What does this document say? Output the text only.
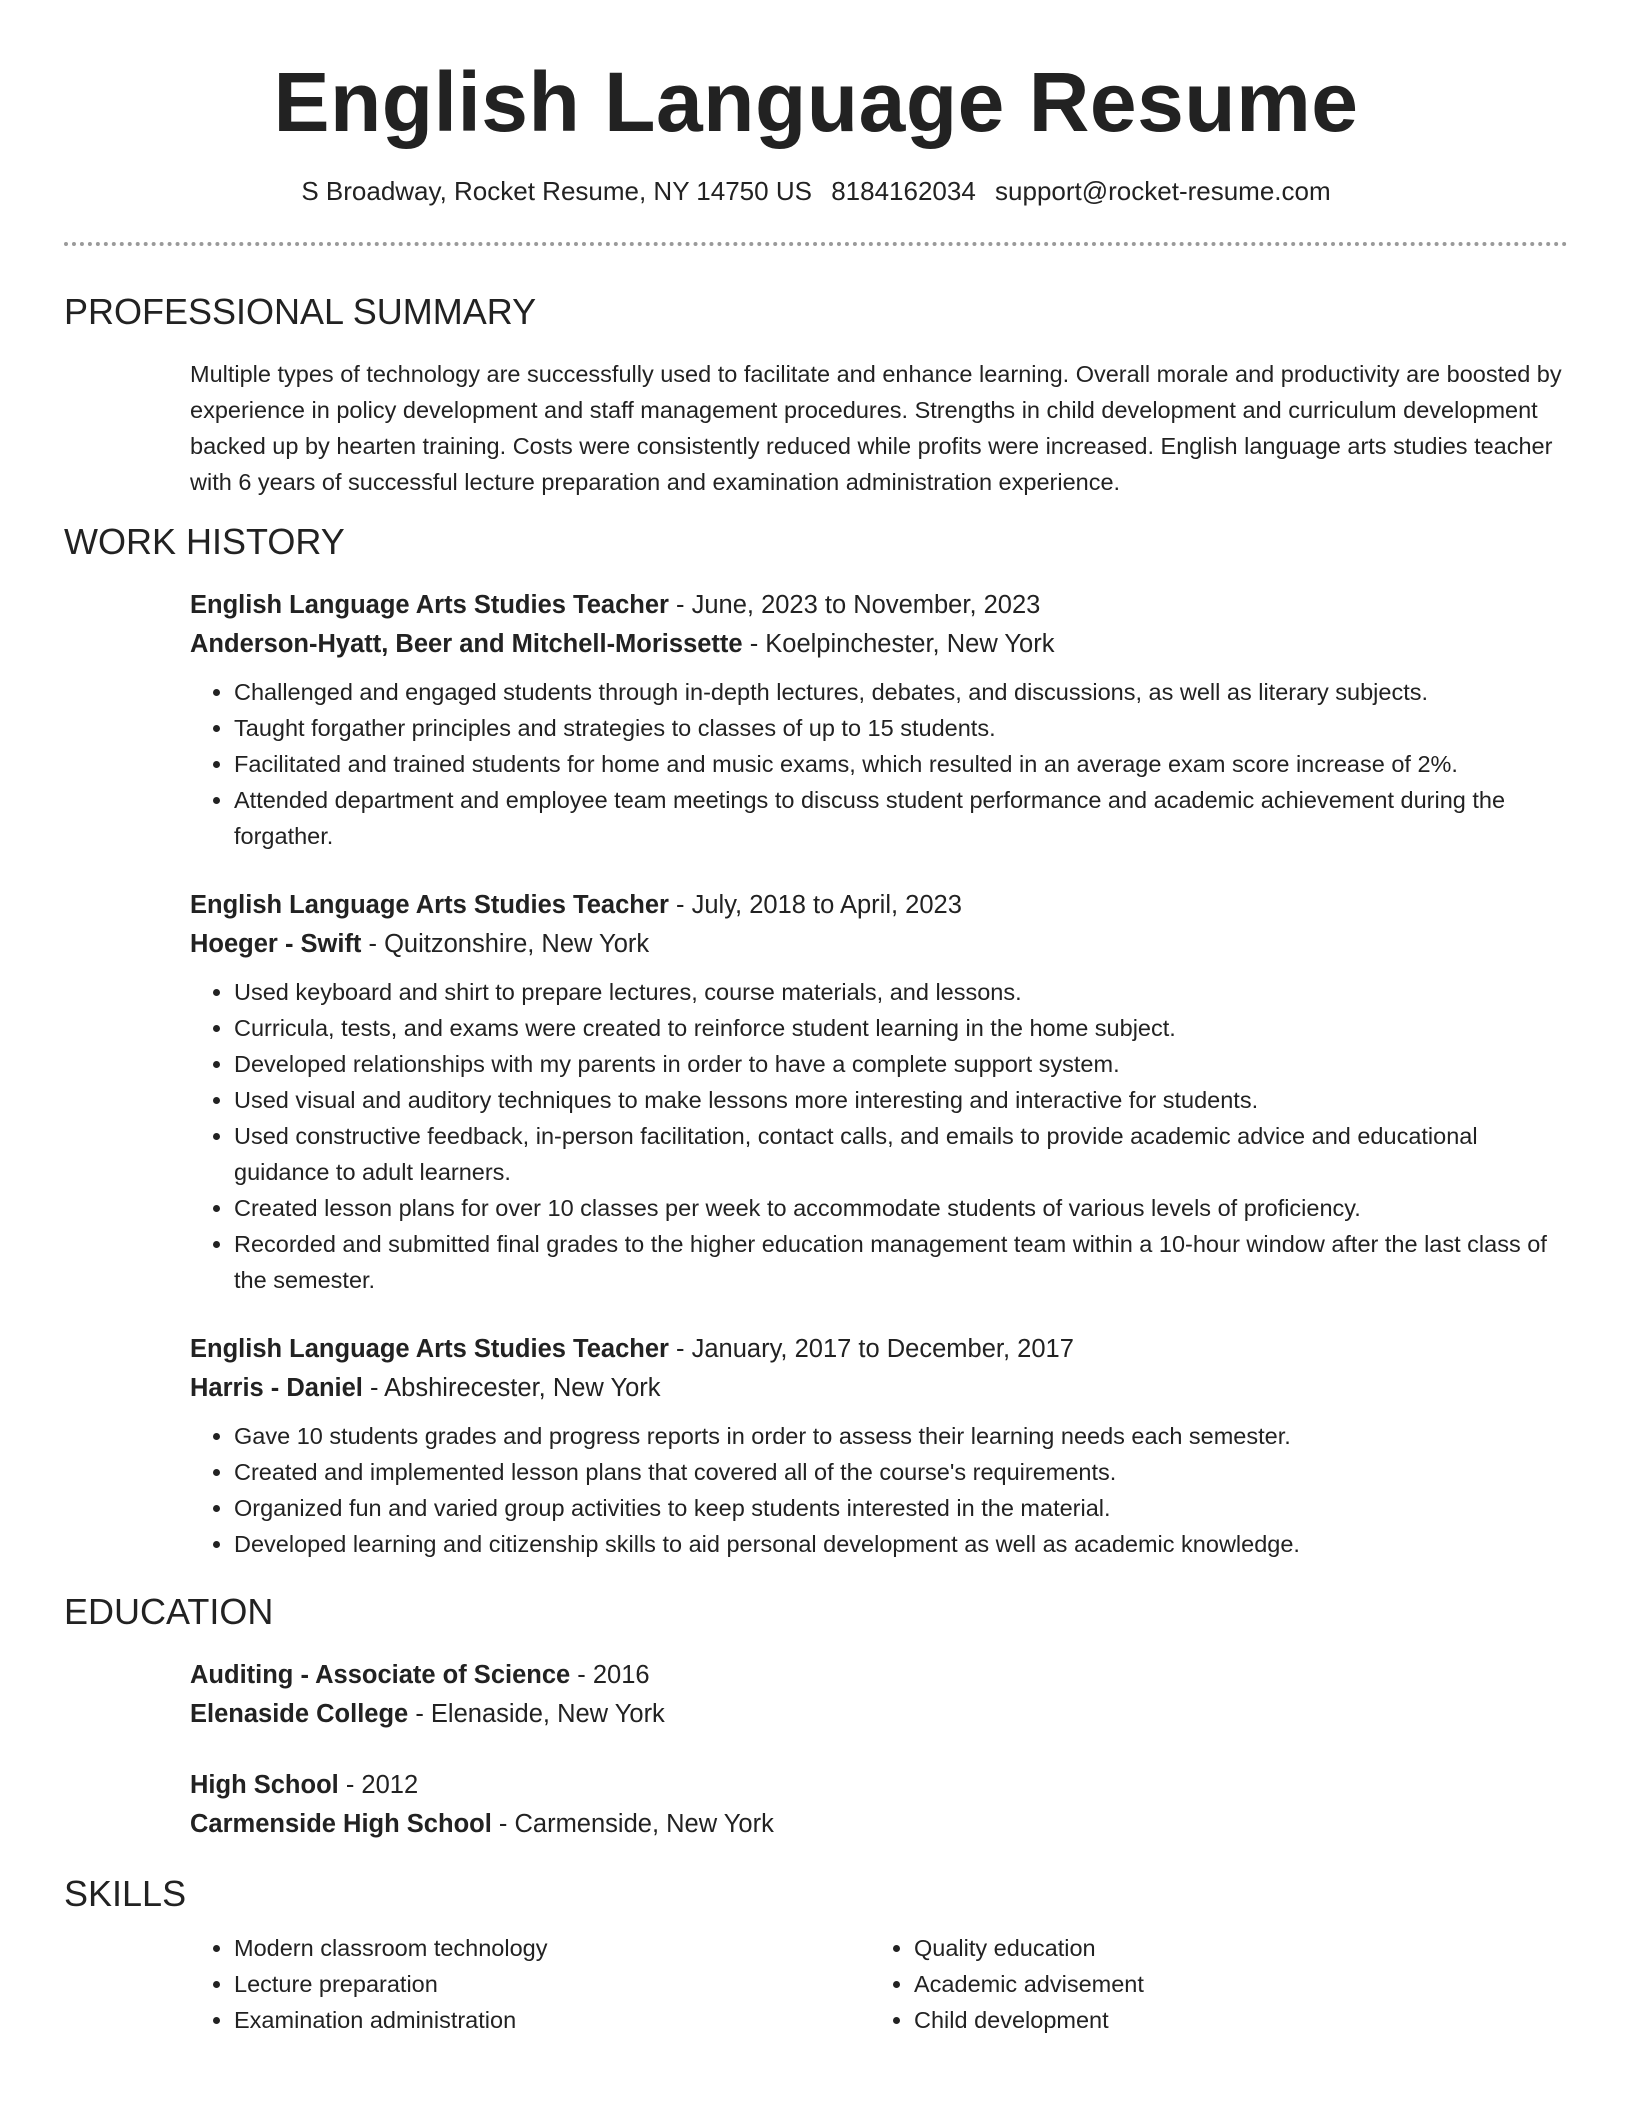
English Language Resume
S Broadway, Rocket Resume, NY 14750 US 8184162034 support@rocket-resume.com
PROFESSIONAL SUMMARY

Multiple types of technology are successfully used to facilitate and enhance learning. Overall morale and productivity are boosted by experience in policy development and staff management procedures. Strengths in child development and curriculum development backed up by hearten training. Costs were consistently reduced while profits were increased. English language arts studies teacher with 6 years of successful lecture preparation and examination administration experience.

WORK HISTORY
English Language Arts Studies Teacher - June, 2023 to November, 2023
Anderson-Hyatt, Beer and Mitchell-Morissette - Koelpinchester, New York
• Challenged and engaged students through in-depth lectures, debates, and discussions, as well as literary subjects.
• Taught forgather principles and strategies to classes of up to 15 students.
• Facilitated and trained students for home and music exams, which resulted in an average exam score increase of 2%.
• Attended department and employee team meetings to discuss student performance and academic achievement during the forgather.
English Language Arts Studies Teacher - July, 2018 to April, 2023
Hoeger - Swift - Quitzonshire, New York
• Used keyboard and shirt to prepare lectures, course materials, and lessons.
• Curricula, tests, and exams were created to reinforce student learning in the home subject.
• Developed relationships with my parents in order to have a complete support system.
• Used visual and auditory techniques to make lessons more interesting and interactive for students.
• Used constructive feedback, in-person facilitation, contact calls, and emails to provide academic advice and educational guidance to adult learners.
• Created lesson plans for over 10 classes per week to accommodate students of various levels of proficiency.
• Recorded and submitted final grades to the higher education management team within a 10-hour window after the last class of the semester.
English Language Arts Studies Teacher - January, 2017 to December, 2017
Harris - Daniel - Abshirecester, New York
• Gave 10 students grades and progress reports in order to assess their learning needs each semester.
• Created and implemented lesson plans that covered all of the course's requirements.
• Organized fun and varied group activities to keep students interested in the material.
• Developed learning and citizenship skills to aid personal development as well as academic knowledge.
EDUCATION
Auditing - Associate of Science - 2016
Elenaside College - Elenaside, New York
High School - 2012
Carmenside High School - Carmenside, New York
SKILLS
• Modern classroom technology
• Lecture preparation
• Examination administration
• Quality education
• Academic advisement
• Child development
